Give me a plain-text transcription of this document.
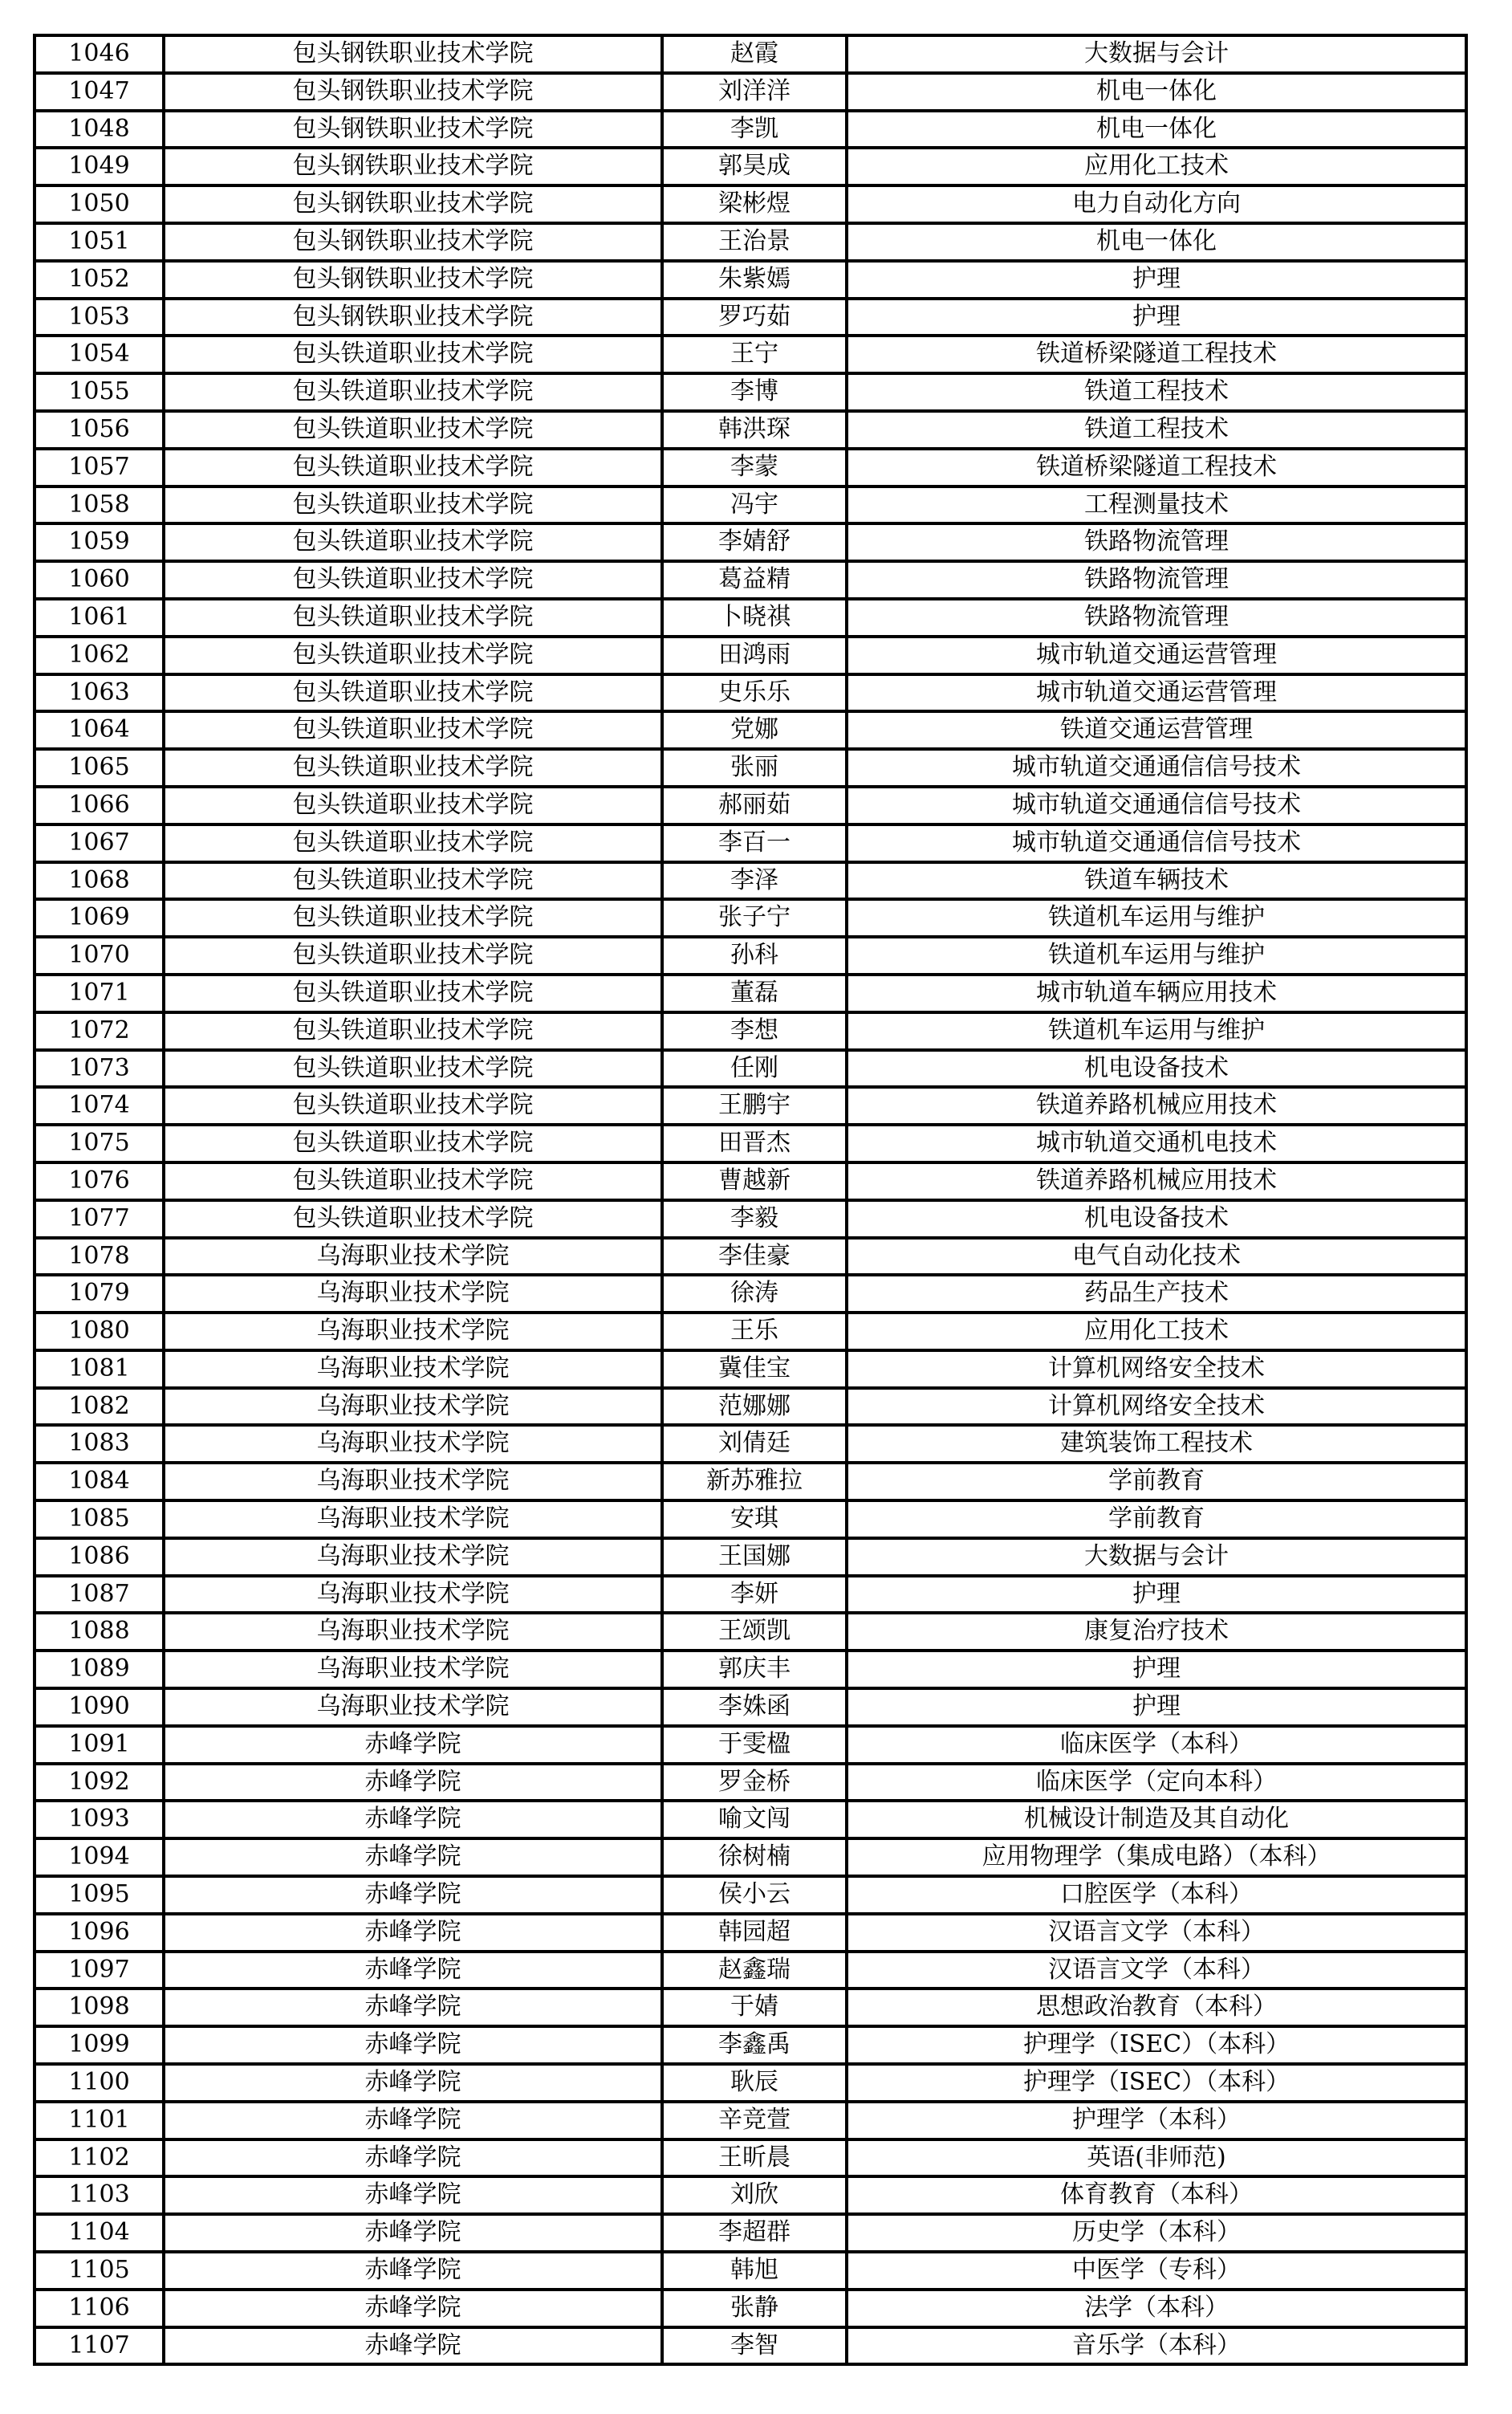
1046	包头钢铁职业技术学院	赵霞	大数据与会计
1047	包头钢铁职业技术学院	刘洋洋	机电一体化
1048	包头钢铁职业技术学院	李凯	机电一体化
1049	包头钢铁职业技术学院	郭昊成	应用化工技术
1050	包头钢铁职业技术学院	梁彬煜	电力自动化方向
1051	包头钢铁职业技术学院	王治景	机电一体化
1052	包头钢铁职业技术学院	朱紫嫣	护理
1053	包头钢铁职业技术学院	罗巧茹	护理
1054	包头铁道职业技术学院	王宁	铁道桥梁隧道工程技术
1055	包头铁道职业技术学院	李博	铁道工程技术
1056	包头铁道职业技术学院	韩洪琛	铁道工程技术
1057	包头铁道职业技术学院	李蒙	铁道桥梁隧道工程技术
1058	包头铁道职业技术学院	冯宇	工程测量技术
1059	包头铁道职业技术学院	李婧舒	铁路物流管理
1060	包头铁道职业技术学院	葛益精	铁路物流管理
1061	包头铁道职业技术学院	卜晓祺	铁路物流管理
1062	包头铁道职业技术学院	田鸿雨	城市轨道交通运营管理
1063	包头铁道职业技术学院	史乐乐	城市轨道交通运营管理
1064	包头铁道职业技术学院	党娜	铁道交通运营管理
1065	包头铁道职业技术学院	张丽	城市轨道交通通信信号技术
1066	包头铁道职业技术学院	郝丽茹	城市轨道交通通信信号技术
1067	包头铁道职业技术学院	李百一	城市轨道交通通信信号技术
1068	包头铁道职业技术学院	李泽	铁道车辆技术
1069	包头铁道职业技术学院	张子宁	铁道机车运用与维护
1070	包头铁道职业技术学院	孙科	铁道机车运用与维护
1071	包头铁道职业技术学院	董磊	城市轨道车辆应用技术
1072	包头铁道职业技术学院	李想	铁道机车运用与维护
1073	包头铁道职业技术学院	任刚	机电设备技术
1074	包头铁道职业技术学院	王鹏宇	铁道养路机械应用技术
1075	包头铁道职业技术学院	田晋杰	城市轨道交通机电技术
1076	包头铁道职业技术学院	曹越新	铁道养路机械应用技术
1077	包头铁道职业技术学院	李毅	机电设备技术
1078	乌海职业技术学院	李佳豪	电气自动化技术
1079	乌海职业技术学院	徐涛	药品生产技术
1080	乌海职业技术学院	王乐	应用化工技术
1081	乌海职业技术学院	冀佳宝	计算机网络安全技术
1082	乌海职业技术学院	范娜娜	计算机网络安全技术
1083	乌海职业技术学院	刘倩廷	建筑装饰工程技术
1084	乌海职业技术学院	新苏雅拉	学前教育
1085	乌海职业技术学院	安琪	学前教育
1086	乌海职业技术学院	王国娜	大数据与会计
1087	乌海职业技术学院	李妍	护理
1088	乌海职业技术学院	王颂凯	康复治疗技术
1089	乌海职业技术学院	郭庆丰	护理
1090	乌海职业技术学院	李姝函	护理
1091	赤峰学院	于雯楹	临床医学（本科）
1092	赤峰学院	罗金桥	临床医学（定向本科）
1093	赤峰学院	喻文闯	机械设计制造及其自动化
1094	赤峰学院	徐树楠	应用物理学（集成电路）（本科）
1095	赤峰学院	侯小云	口腔医学（本科）
1096	赤峰学院	韩园超	汉语言文学（本科）
1097	赤峰学院	赵鑫瑞	汉语言文学（本科）
1098	赤峰学院	于婧	思想政治教育（本科）
1099	赤峰学院	李鑫禹	护理学（ISEC）（本科）
1100	赤峰学院	耿辰	护理学（ISEC）（本科）
1101	赤峰学院	辛竞萱	护理学（本科）
1102	赤峰学院	王昕晨	英语(非师范)
1103	赤峰学院	刘欣	体育教育（本科）
1104	赤峰学院	李超群	历史学（本科）
1105	赤峰学院	韩旭	中医学（专科）
1106	赤峰学院	张静	法学（本科）
1107	赤峰学院	李智	音乐学（本科）
